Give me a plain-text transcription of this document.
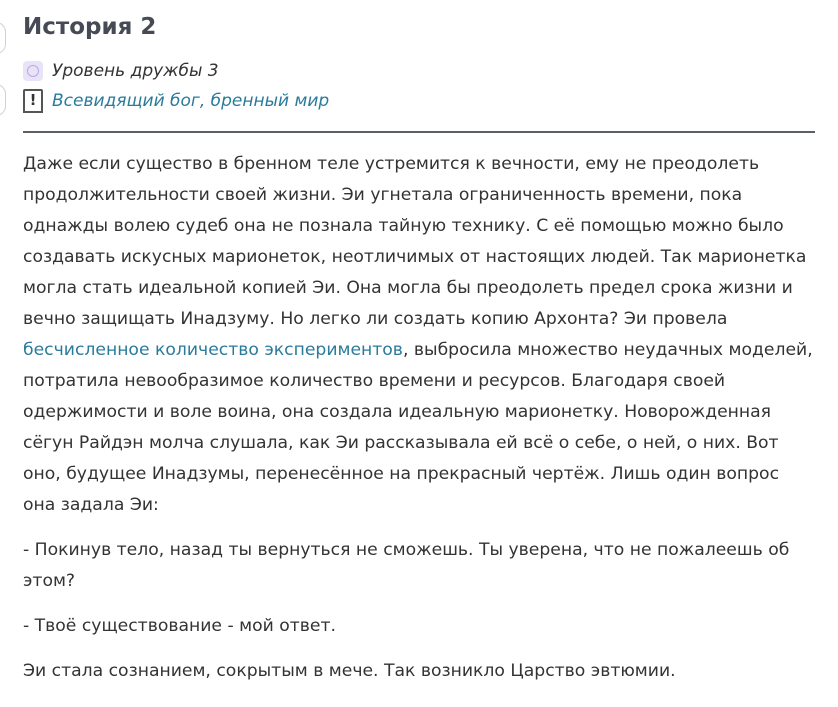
История 2
Уровень дружбы 3
! Всевидящий бог, бренный мир

Даже если существо в бренном теле устремится к вечности, ему не преодолеть продолжительности своей жизни. Эи угнетала ограниченность времени, пока однажды волею судеб она не познала тайную технику. С её помощью можно было создавать искусных марионеток, неотличимых от настоящих людей. Так марионетка могла стать идеальной копией Эи. Она могла бы преодолеть предел срока жизни и вечно защищать Инадзуму. Но легко ли создать копию Архонта? Эи провела бесчисленное количество экспериментов, выбросила множество неудачных моделей, потратила невообразимое количество времени и ресурсов. Благодаря своей одержимости и воле воина, она создала идеальную марионетку. Новорожденная сёгун Райдэн молча слушала, как Эи рассказывала ей всё о себе, о ней, о них. Вот оно, будущее Инадзумы, перенесённое на прекрасный чертёж. Лишь один вопрос она задала Эи:

- Покинув тело, назад ты вернуться не сможешь. Ты уверена, что не пожалеешь об этом?

- Твоё существование - мой ответ.

Эи стала сознанием, сокрытым в мече. Так возникло Царство эвтюмии.
